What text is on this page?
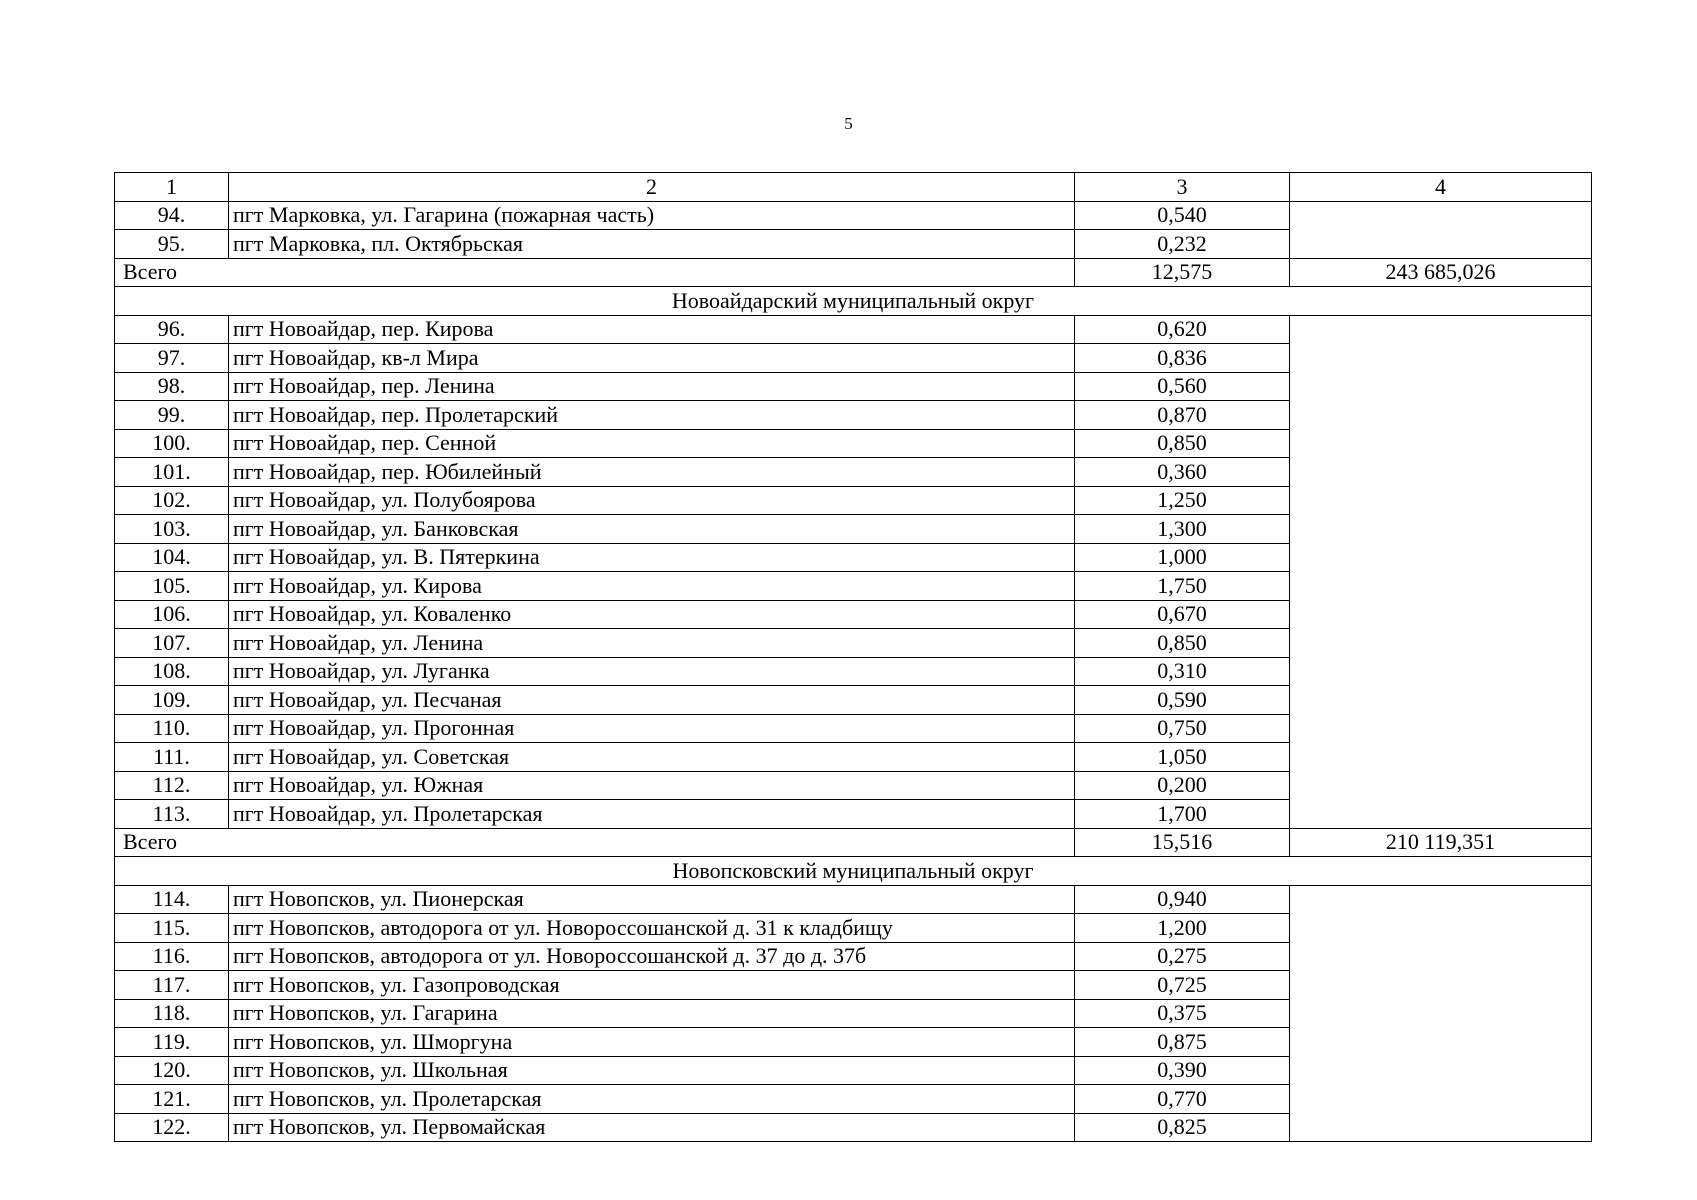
5
1	2	3	4
94.	пгт Марковка, ул. Гагарина (пожарная часть)	0,540	
95.	пгт Марковка, пл. Октябрьская	0,232	
Всего		12,575	243 685,026
Новоайдарский муниципальный округ			
96.	пгт Новоайдар, пер. Кирова	0,620	
97.	пгт Новоайдар, кв-л Мира	0,836	
98.	пгт Новоайдар, пер. Ленина	0,560	
99.	пгт Новоайдар, пер. Пролетарский	0,870	
100.	пгт Новоайдар, пер. Сенной	0,850	
101.	пгт Новоайдар, пер. Юбилейный	0,360	
102.	пгт Новоайдар, ул. Полубоярова	1,250	
103.	пгт Новоайдар, ул. Банковская	1,300	
104.	пгт Новоайдар, ул. В. Пятеркина	1,000	
105.	пгт Новоайдар, ул. Кирова	1,750	
106.	пгт Новоайдар, ул. Коваленко	0,670	
107.	пгт Новоайдар, ул. Ленина	0,850	
108.	пгт Новоайдар, ул. Луганка	0,310	
109.	пгт Новоайдар, ул. Песчаная	0,590	
110.	пгт Новоайдар, ул. Прогонная	0,750	
111.	пгт Новоайдар, ул. Советская	1,050	
112.	пгт Новоайдар, ул. Южная	0,200	
113.	пгт Новоайдар, ул. Пролетарская	1,700	
Всего		15,516	210 119,351
Новопсковский муниципальный округ			
114.	пгт Новопсков, ул. Пионерская	0,940	
115.	пгт Новопсков, автодорога от ул. Новороссошанской д. 31 к кладбищу	1,200	
116.	пгт Новопсков, автодорога от ул. Новороссошанской д. 37 до д. 37б	0,275	
117.	пгт Новопсков, ул. Газопроводская	0,725	
118.	пгт Новопсков, ул. Гагарина	0,375	
119.	пгт Новопсков, ул. Шморгуна	0,875	
120.	пгт Новопсков, ул. Школьная	0,390	
121.	пгт Новопсков, ул. Пролетарская	0,770	
122.	пгт Новопсков, ул. Первомайская	0,825	
